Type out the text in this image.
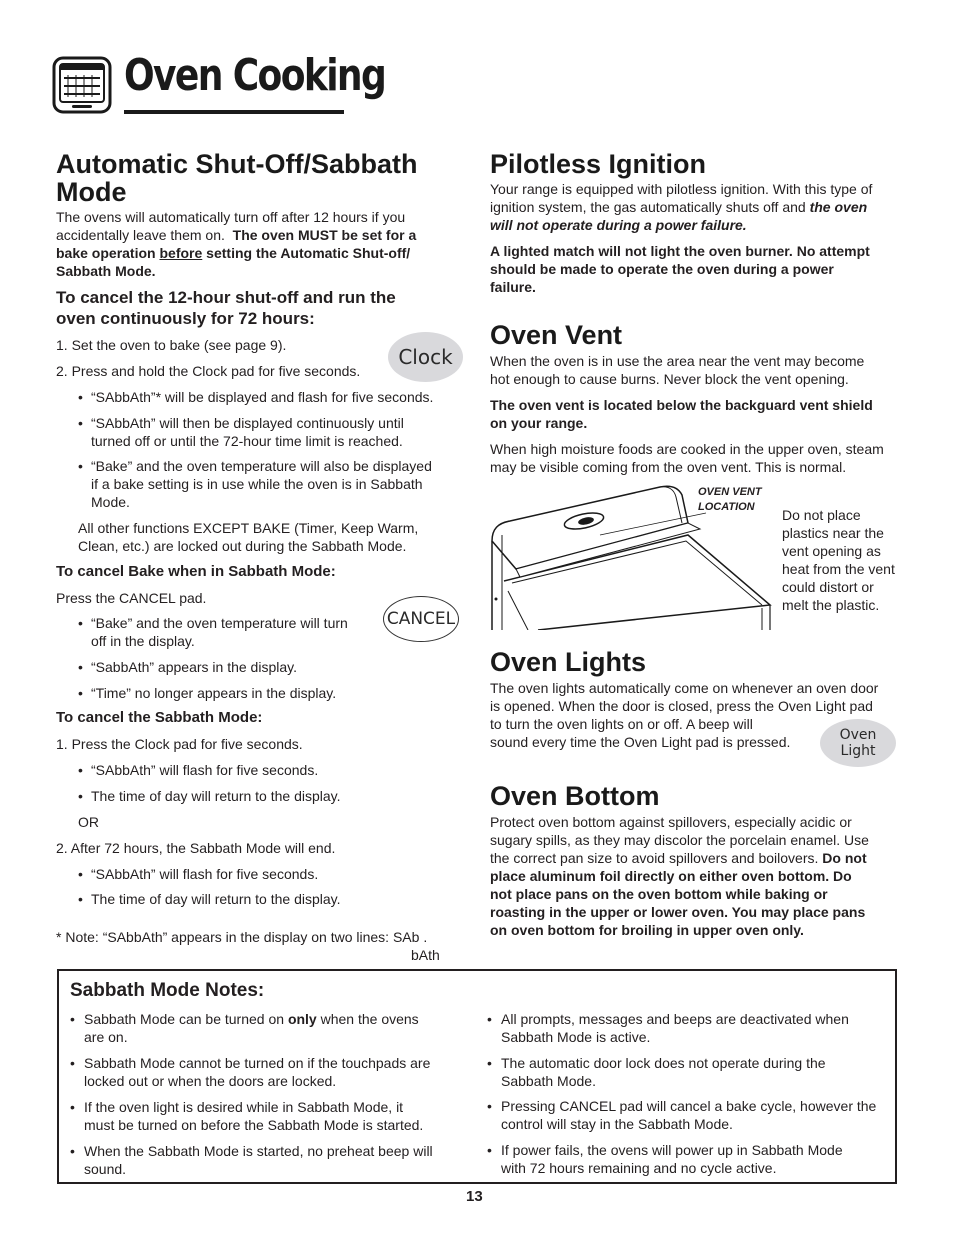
Oven Cooking
Automatic Shut-Off/Sabbath
Mode
The ovens will automatically turn off after 12 hours if you
accidentally leave them on. The oven MUST be set for a
bake operation before setting the Automatic Shut-off/
Sabbath Mode.
To cancel the 12-hour shut-off and run the
oven continuously for 72 hours:
1. Set the oven to bake (see page 9).
2. Press and hold the Clock pad for five seconds.
Clock
• “SAbbAth”* will be displayed and flash for five seconds.
• “SAbbAth” will then be displayed continuously until
turned off or until the 72-hour time limit is reached.
• “Bake” and the oven temperature will also be displayed
if a bake setting is in use while the oven is in Sabbath
Mode.
All other functions EXCEPT BAKE (Timer, Keep Warm,
Clean, etc.) are locked out during the Sabbath Mode.
To cancel Bake when in Sabbath Mode:
Press the CANCEL pad.
CANCEL
• “Bake” and the oven temperature will turn
off in the display.
• “SabbAth” appears in the display.
• “Time” no longer appears in the display.
To cancel the Sabbath Mode:
1. Press the Clock pad for five seconds.
• “SAbbAth” will flash for five seconds.
• The time of day will return to the display.
OR
2. After 72 hours, the Sabbath Mode will end.
• “SAbbAth” will flash for five seconds.
• The time of day will return to the display.
* Note: “SAbbAth” appears in the display on two lines: SAb .
bAth
Pilotless Ignition
Your range is equipped with pilotless ignition. With this type of
ignition system, the gas automatically shuts off and the oven
will not operate during a power failure.
A lighted match will not light the oven burner. No attempt
should be made to operate the oven during a power
failure.
Oven Vent
When the oven is in use the area near the vent may become
hot enough to cause burns. Never block the vent opening.
The oven vent is located below the backguard vent shield
on your range.
When high moisture foods are cooked in the upper oven, steam
may be visible coming from the oven vent. This is normal.
OVEN VENT
LOCATION	Do not place
plastics near the
vent opening as
heat from the vent
could distort or
melt the plastic.
Oven Lights
The oven lights automatically come on whenever an oven door
is opened. When the door is closed, press the Oven Light pad
to turn the oven lights on or off. A beep will
sound every time the Oven Light pad is pressed.	Oven
Light
Oven Bottom
Protect oven bottom against spillovers, especially acidic or
sugary spills, as they may discolor the porcelain enamel. Use
the correct pan size to avoid spillovers and boilovers. Do not
place aluminum foil directly on either oven bottom. Do
not place pans on the oven bottom while baking or
roasting in the upper or lower oven. You may place pans
on oven bottom for broiling in upper oven only.
Sabbath Mode Notes:
• Sabbath Mode can be turned on only when the ovens
are on.
• Sabbath Mode cannot be turned on if the touchpads are
locked out or when the doors are locked.
• If the oven light is desired while in Sabbath Mode, it
must be turned on before the Sabbath Mode is started.
• When the Sabbath Mode is started, no preheat beep will
sound.
• All prompts, messages and beeps are deactivated when
Sabbath Mode is active.
• The automatic door lock does not operate during the
Sabbath Mode.
• Pressing CANCEL pad will cancel a bake cycle, however the
control will stay in the Sabbath Mode.
• If power fails, the ovens will power up in Sabbath Mode
with 72 hours remaining and no cycle active.
13
